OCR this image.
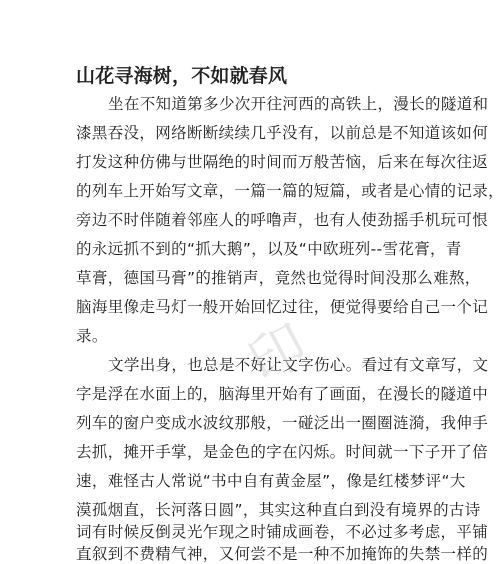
山花寻海树，不如就春风
坐在不知道第多少次开往河西的高铁上，漫长的隧道和
漆黑吞没，网络断断续续几乎没有，以前总是不知道该如何
打发这种仿佛与世隔绝的时间而万般苦恼，后来在每次往返
的列车上开始写文章，一篇一篇的短篇，或者是心情的记录，
旁边不时伴随着邻座人的呼噜声，也有人使劲摇手机玩可恨
的永远抓不到的“抓大鹅”，以及“中欧班列--雪花膏，青
草膏，德国马膏”的推销声，竟然也觉得时间没那么难熬，
脑海里像走马灯一般开始回忆过往，便觉得要给自己一个记
录。
文学出身，也总是不好让文字伤心。看过有文章写，文
字是浮在水面上的，脑海里开始有了画面，在漫长的隧道中
列车的窗户变成水波纹那般，一碰泛出一圈圈涟漪，我伸手
去抓，摊开手掌，是金色的字在闪烁。时间就一下子开了倍
速，难怪古人常说“书中自有黄金屋”，像是红楼梦评“大
漠孤烟直，长河落日圆”，其实这种直白到没有境界的古诗
词有时候反倒灵光乍现之时铺成画卷，不必过多考虑，平铺
直叙到不费精气神，又何尝不是一种不加掩饰的失禁一样的
印
